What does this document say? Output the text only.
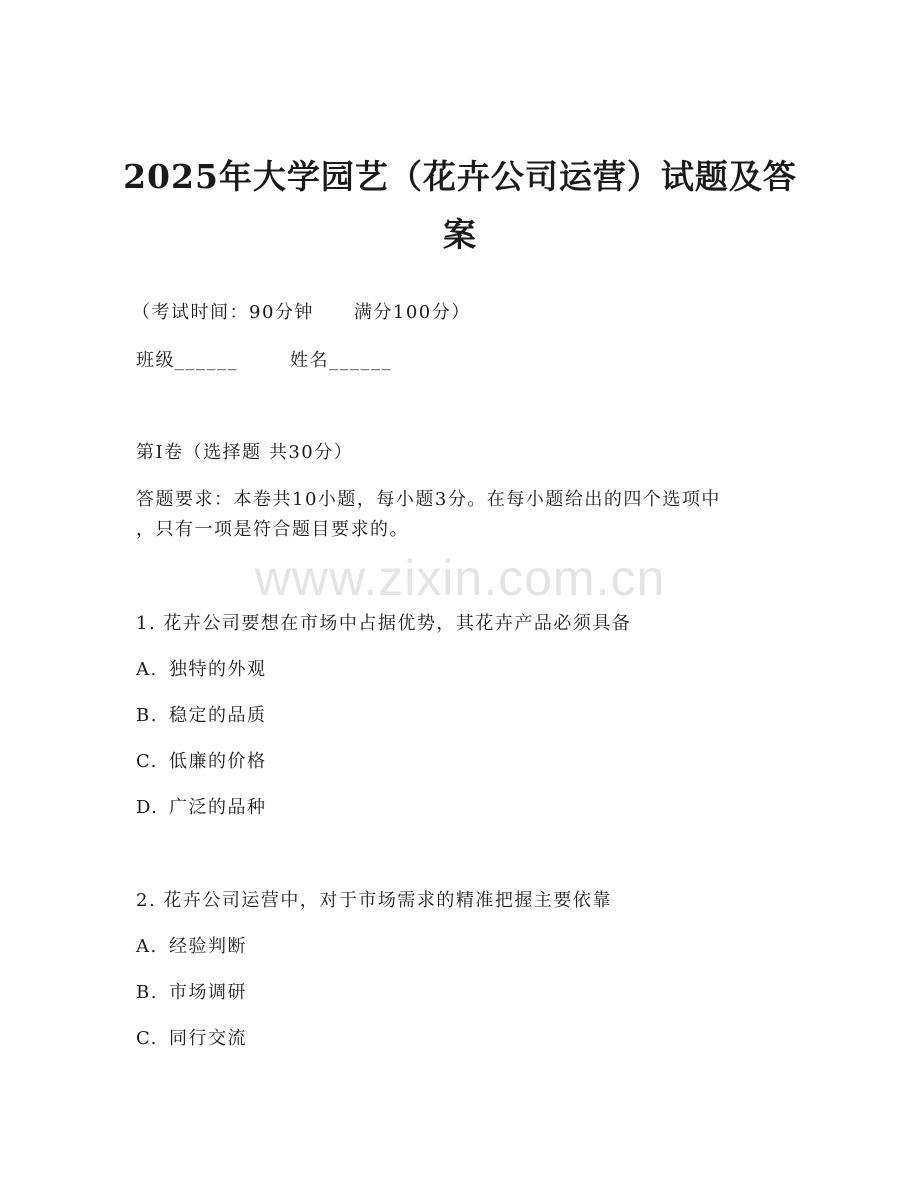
2025年大学园艺（花卉公司运营）试题及答案

（考试时间：90分钟 满分100分）

班级______	姓名______

第I卷（选择题 共30分）

答题要求：本卷共10小题，每小题3分。在每小题给出的四个选项中

，只有一项是符合题目要求的。

www.zixin.com.cn

1. 花卉公司要想在市场中占据优势，其花卉产品必须具备

A. 独特的外观

B. 稳定的品质

C. 低廉的价格

D. 广泛的品种

2. 花卉公司运营中，对于市场需求的精准把握主要依靠

A. 经验判断

B. 市场调研

C. 同行交流
